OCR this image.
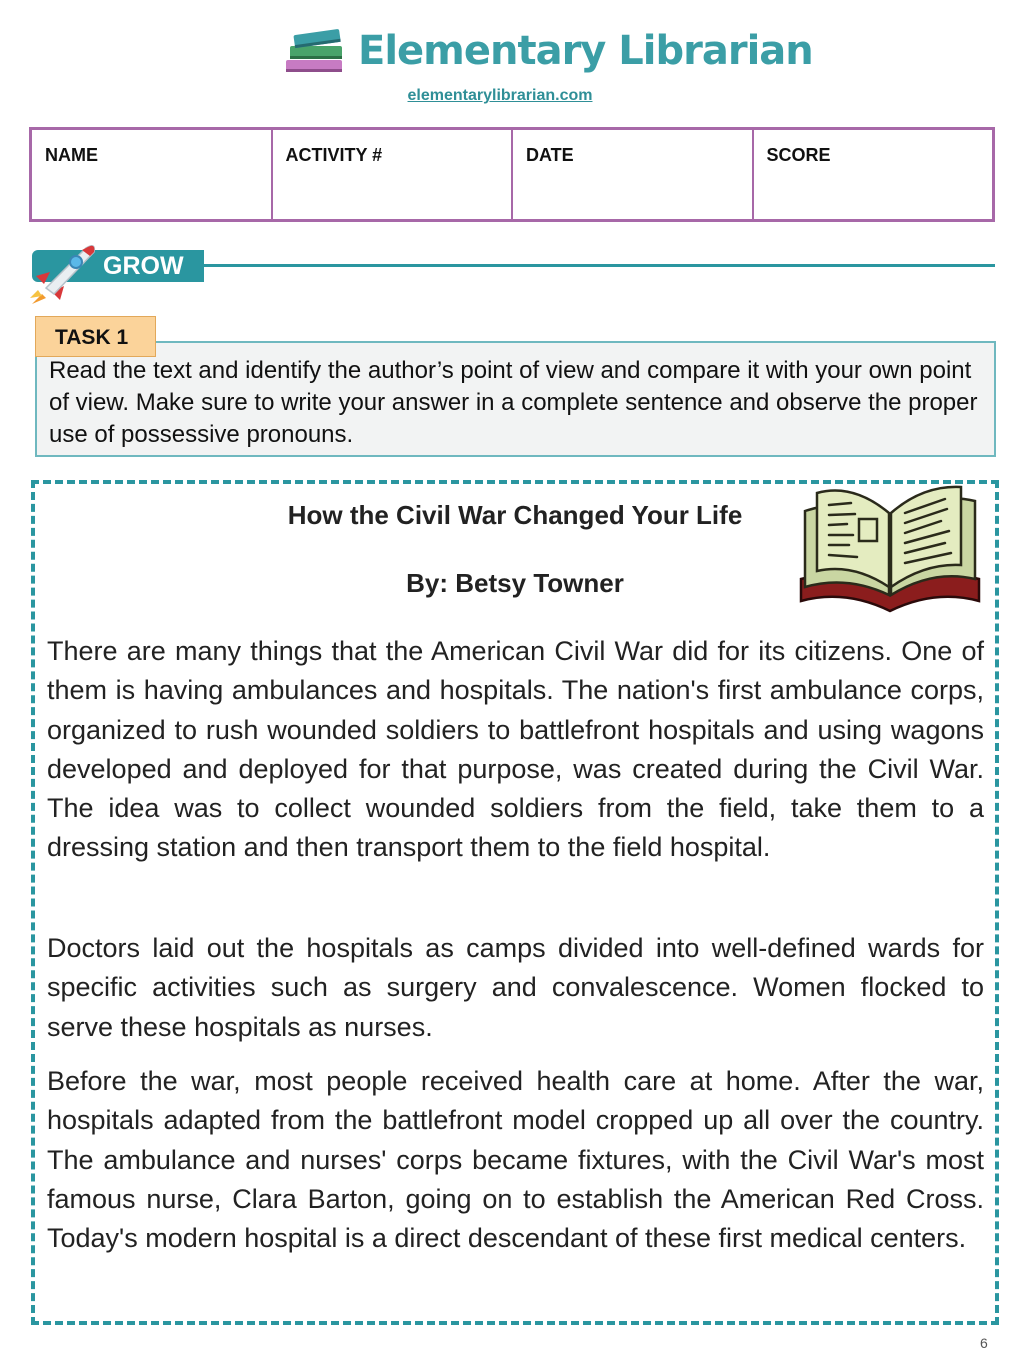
Elementary Librarian
elementarylibrarian.com
NAME	ACTIVITY #	DATE	SCORE
GROW
TASK 1
Read the text and identify the author’s point of view and compare it with your own point of view. Make sure to write your answer in a complete sentence and observe the proper use of possessive pronouns.
How the Civil War Changed Your Life
By: Betsy Towner

There are many things that the American Civil War did for its citizens. One of them is having ambulances and hospitals. The nation's first ambulance corps, organized to rush wounded soldiers to battlefront hospitals and using wagons developed and deployed for that purpose, was created during the Civil War. The idea was to collect wounded soldiers from the field, take them to a dressing station and then transport them to the field hospital.

Doctors laid out the hospitals as camps divided into well-defined wards for specific activities such as surgery and convalescence. Women flocked to serve these hospitals as nurses.

Before the war, most people received health care at home. After the war, hospitals adapted from the battlefront model cropped up all over the country. The ambulance and nurses' corps became fixtures, with the Civil War's most famous nurse, Clara Barton, going on to establish the American Red Cross. Today's modern hospital is a direct descendant of these first medical centers.

6
